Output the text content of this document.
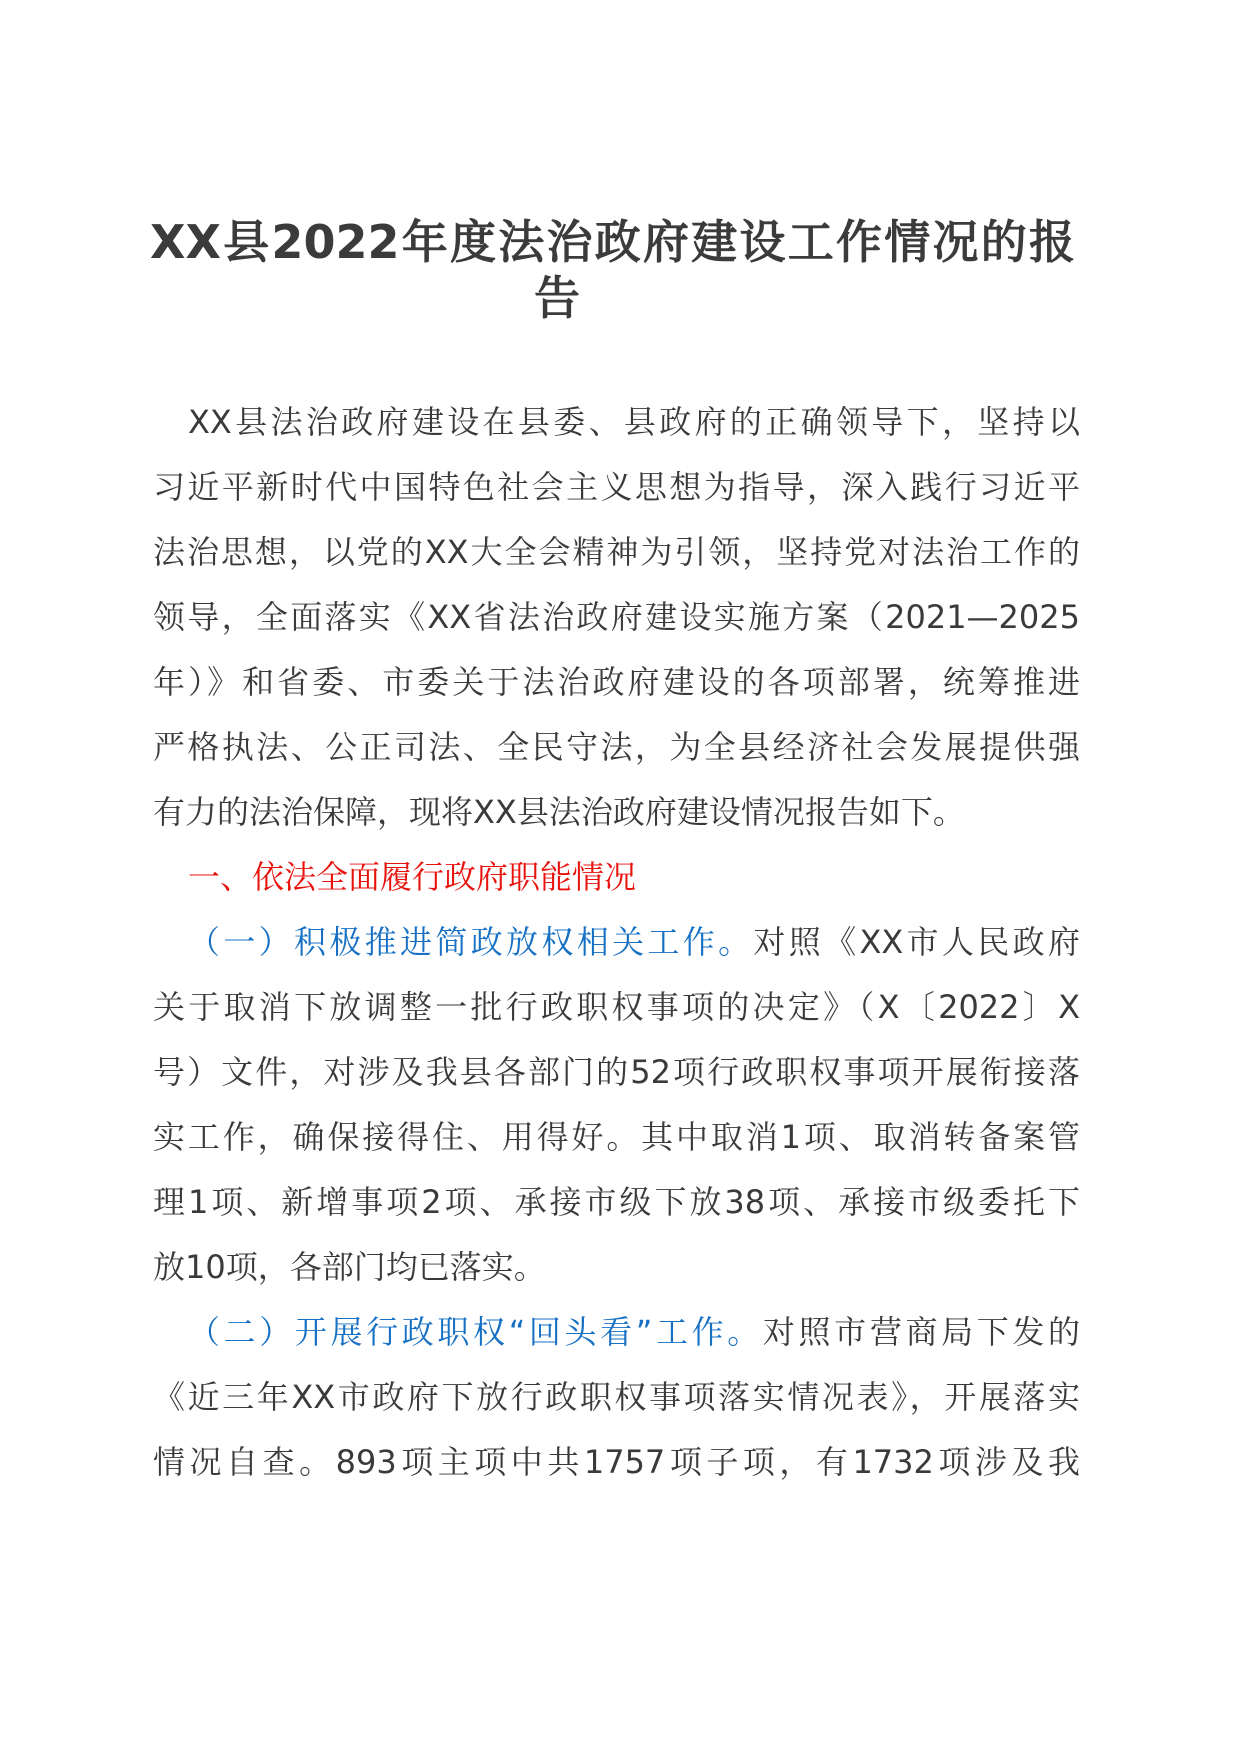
XX县2022年度法治政府建设工作情况的报
告
XX县法治政府建设在县委、县政府的正确领导下，坚持以
习近平新时代中国特色社会主义思想为指导，深入践行习近平
法治思想，以党的XX大全会精神为引领，坚持党对法治工作的
领导，全面落实《XX省法治政府建设实施方案（2021—2025
年）》和省委、市委关于法治政府建设的各项部署，统筹推进
严格执法、公正司法、全民守法，为全县经济社会发展提供强
有力的法治保障，现将XX县法治政府建设情况报告如下。
一、依法全面履行政府职能情况
（一）积极推进简政放权相关工作。对照《XX市人民政府
关于取消下放调整一批行政职权事项的决定》（X〔2022〕X
号）文件，对涉及我县各部门的52项行政职权事项开展衔接落
实工作，确保接得住、用得好。其中取消1项、取消转备案管
理1项、新增事项2项、承接市级下放38项、承接市级委托下
放10项，各部门均已落实。
（二）开展行政职权“回头看”工作。对照市营商局下发的
《近三年XX市政府下放行政职权事项落实情况表》，开展落实
情况自查。893项主项中共1757项子项，有1732项涉及我
